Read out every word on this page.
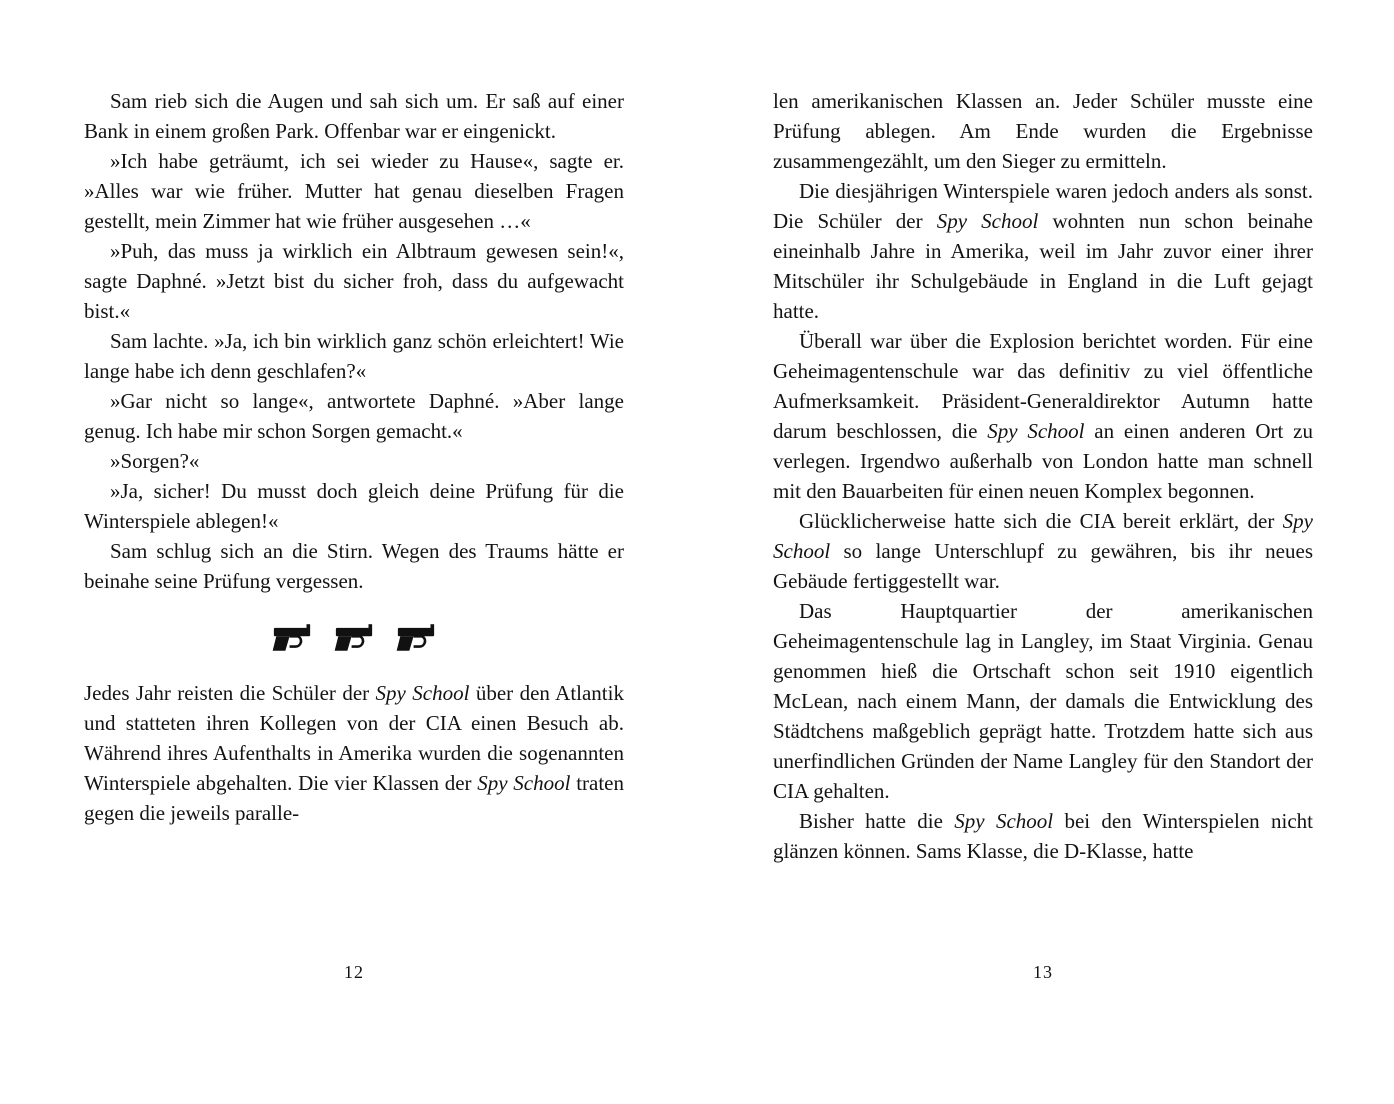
Sam rieb sich die Augen und sah sich um. Er saß auf einer Bank in einem großen Park. Offenbar war er eingenickt.

»Ich habe geträumt, ich sei wieder zu Hause«, sagte er. »Alles war wie früher. Mutter hat genau dieselben Fragen gestellt, mein Zimmer hat wie früher ausgesehen …«

»Puh, das muss ja wirklich ein Albtraum gewesen sein!«, sagte Daphné. »Jetzt bist du sicher froh, dass du aufgewacht bist.«

Sam lachte. »Ja, ich bin wirklich ganz schön erleichtert! Wie lange habe ich denn geschlafen?«

»Gar nicht so lange«, antwortete Daphné. »Aber lange genug. Ich habe mir schon Sorgen gemacht.«

»Sorgen?«

»Ja, sicher! Du musst doch gleich deine Prüfung für die Winterspiele ablegen!«

Sam schlug sich an die Stirn. Wegen des Traums hätte er beinahe seine Prüfung vergessen.

Jedes Jahr reisten die Schüler der Spy School über den Atlantik und statteten ihren Kollegen von der CIA einen Besuch ab. Während ihres Aufenthalts in Amerika wurden die sogenannten Winterspiele abgehalten. Die vier Klassen der Spy School traten gegen die jeweils paralle-

12

len amerikanischen Klassen an. Jeder Schüler musste eine Prüfung ablegen. Am Ende wurden die Ergebnisse zusammengezählt, um den Sieger zu ermitteln.

Die diesjährigen Winterspiele waren jedoch anders als sonst. Die Schüler der Spy School wohnten nun schon beinahe eineinhalb Jahre in Amerika, weil im Jahr zuvor einer ihrer Mitschüler ihr Schulgebäude in England in die Luft gejagt hatte.

Überall war über die Explosion berichtet worden. Für eine Geheimagentenschule war das definitiv zu viel öffentliche Aufmerksamkeit. Präsident-Generaldirektor Autumn hatte darum beschlossen, die Spy School an einen anderen Ort zu verlegen. Irgendwo außerhalb von London hatte man schnell mit den Bauarbeiten für einen neuen Komplex begonnen.

Glücklicherweise hatte sich die CIA bereit erklärt, der Spy School so lange Unterschlupf zu gewähren, bis ihr neues Gebäude fertiggestellt war.

Das Hauptquartier der amerikanischen Geheimagentenschule lag in Langley, im Staat Virginia. Genau genommen hieß die Ortschaft schon seit 1910 eigentlich McLean, nach einem Mann, der damals die Entwicklung des Städtchens maßgeblich geprägt hatte. Trotzdem hatte sich aus unerfindlichen Gründen der Name Langley für den Standort der CIA gehalten.

Bisher hatte die Spy School bei den Winterspielen nicht glänzen können. Sams Klasse, die D-Klasse, hatte

13
